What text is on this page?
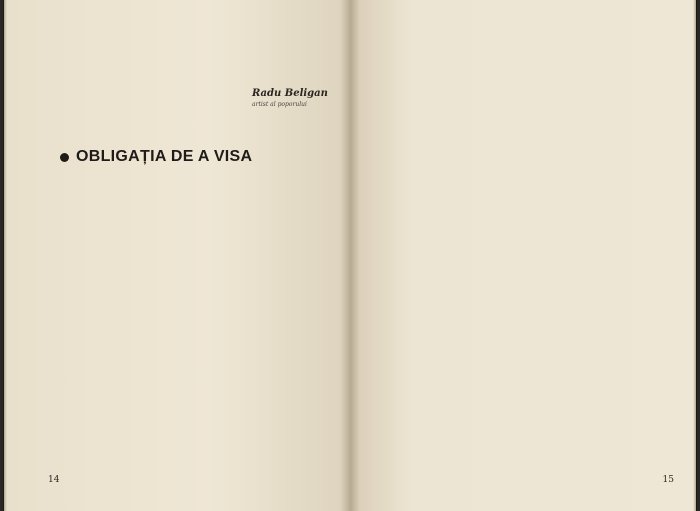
Radu Beligan
artist al poporului
OBLIGAȚIA DE A VISA
14	15
